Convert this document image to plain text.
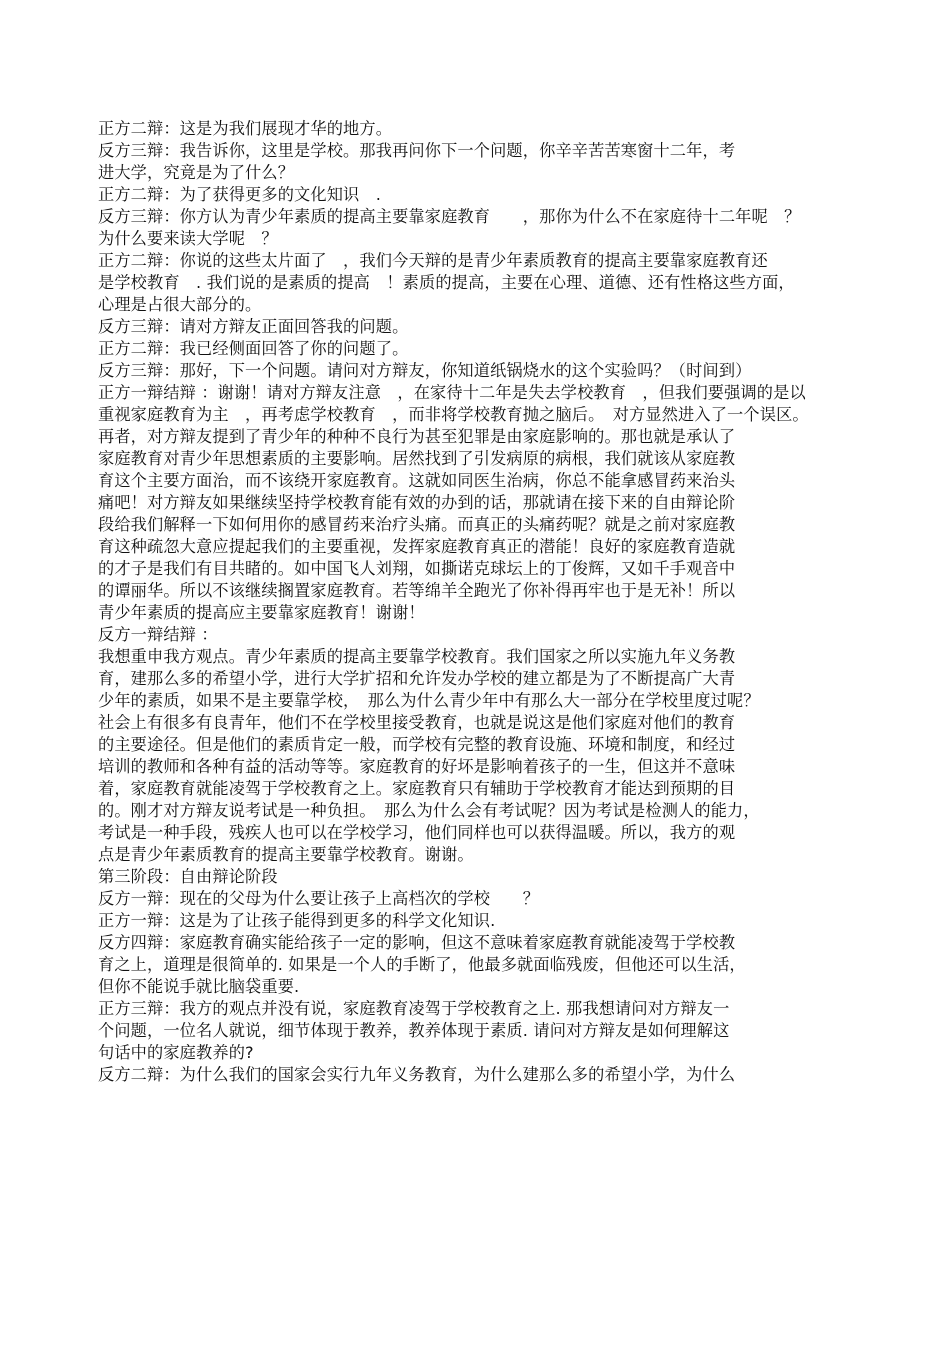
正方二辩：这是为我们展现才华的地方。
反方三辩：我告诉你，这里是学校。那我再问你下一个问题，你辛辛苦苦寒窗十二年，考
进大学，究竟是为了什么？
正方二辩：为了获得更多的文化知识　.
反方三辩：你方认为青少年素质的提高主要靠家庭教育　　，那你为什么不在家庭待十二年呢　？
为什么要来读大学呢　？
正方二辩：你说的这些太片面了　，我们今天辩的是青少年素质教育的提高主要靠家庭教育还
是学校教育　. 我们说的是素质的提高　！素质的提高，主要在心理、道德、还有性格这些方面，
心理是占很大部分的。
反方三辩：请对方辩友正面回答我的问题。
正方二辩：我已经侧面回答了你的问题了。
反方三辩：那好，下一个问题。请问对方辩友，你知道纸锅烧水的这个实验吗？（时间到）
正方一辩结辩 ：谢谢！请对方辩友注意　，在家待十二年是失去学校教育　，但我们要强调的是以
重视家庭教育为主　，再考虑学校教育　，而非将学校教育抛之脑后。　对方显然进入了一个误区。
再者，对方辩友提到了青少年的种种不良行为甚至犯罪是由家庭影响的。那也就是承认了
家庭教育对青少年思想素质的主要影响。居然找到了引发病原的病根，我们就该从家庭教
育这个主要方面治，而不该绕开家庭教育。这就如同医生治病，你总不能拿感冒药来治头
痛吧！对方辩友如果继续坚持学校教育能有效的办到的话，那就请在接下来的自由辩论阶
段给我们解释一下如何用你的感冒药来治疗头痛。而真正的头痛药呢？就是之前对家庭教
育这种疏忽大意应提起我们的主要重视，发挥家庭教育真正的潜能！良好的家庭教育造就
的才子是我们有目共睹的。如中国飞人刘翔，如撕诺克球坛上的丁俊辉，又如千手观音中
的谭丽华。所以不该继续搁置家庭教育。若等绵羊全跑光了你补得再牢也于是无补！所以
青少年素质的提高应主要靠家庭教育！谢谢！
反方一辩结辩 ：
我想重申我方观点。青少年素质的提高主要靠学校教育。我们国家之所以实施九年义务教
育，建那么多的希望小学，进行大学扩招和允许发办学校的建立都是为了不断提高广大青
少年的素质，如果不是主要靠学校，　那么为什么青少年中有那么大一部分在学校里度过呢？
社会上有很多有良青年，他们不在学校里接受教育，也就是说这是他们家庭对他们的教育
的主要途径。但是他们的素质肯定一般，而学校有完整的教育设施、环境和制度，和经过
培训的教师和各种有益的活动等等。家庭教育的好坏是影响着孩子的一生，但这并不意味
着，家庭教育就能凌驾于学校教育之上。家庭教育只有辅助于学校教育才能达到预期的目
的。刚才对方辩友说考试是一种负担。　那么为什么会有考试呢？因为考试是检测人的能力，
考试是一种手段，残疾人也可以在学校学习，他们同样也可以获得温暖。所以，我方的观
点是青少年素质教育的提高主要靠学校教育。谢谢。
第三阶段：自由辩论阶段
反方一辩：现在的父母为什么要让孩子上高档次的学校　　？
正方一辩：这是为了让孩子能得到更多的科学文化知识.
反方四辩：家庭教育确实能给孩子一定的影响，但这不意味着家庭教育就能凌驾于学校教
育之上，道理是很简单的. 如果是一个人的手断了，他最多就面临残废，但他还可以生活，
但你不能说手就比脑袋重要.
正方三辩：我方的观点并没有说，家庭教育凌驾于学校教育之上. 那我想请问对方辩友一
个问题，一位名人就说，细节体现于教养，教养体现于素质. 请问对方辩友是如何理解这
句话中的家庭教养的?
反方二辩：为什么我们的国家会实行九年义务教育，为什么建那么多的希望小学，为什么
